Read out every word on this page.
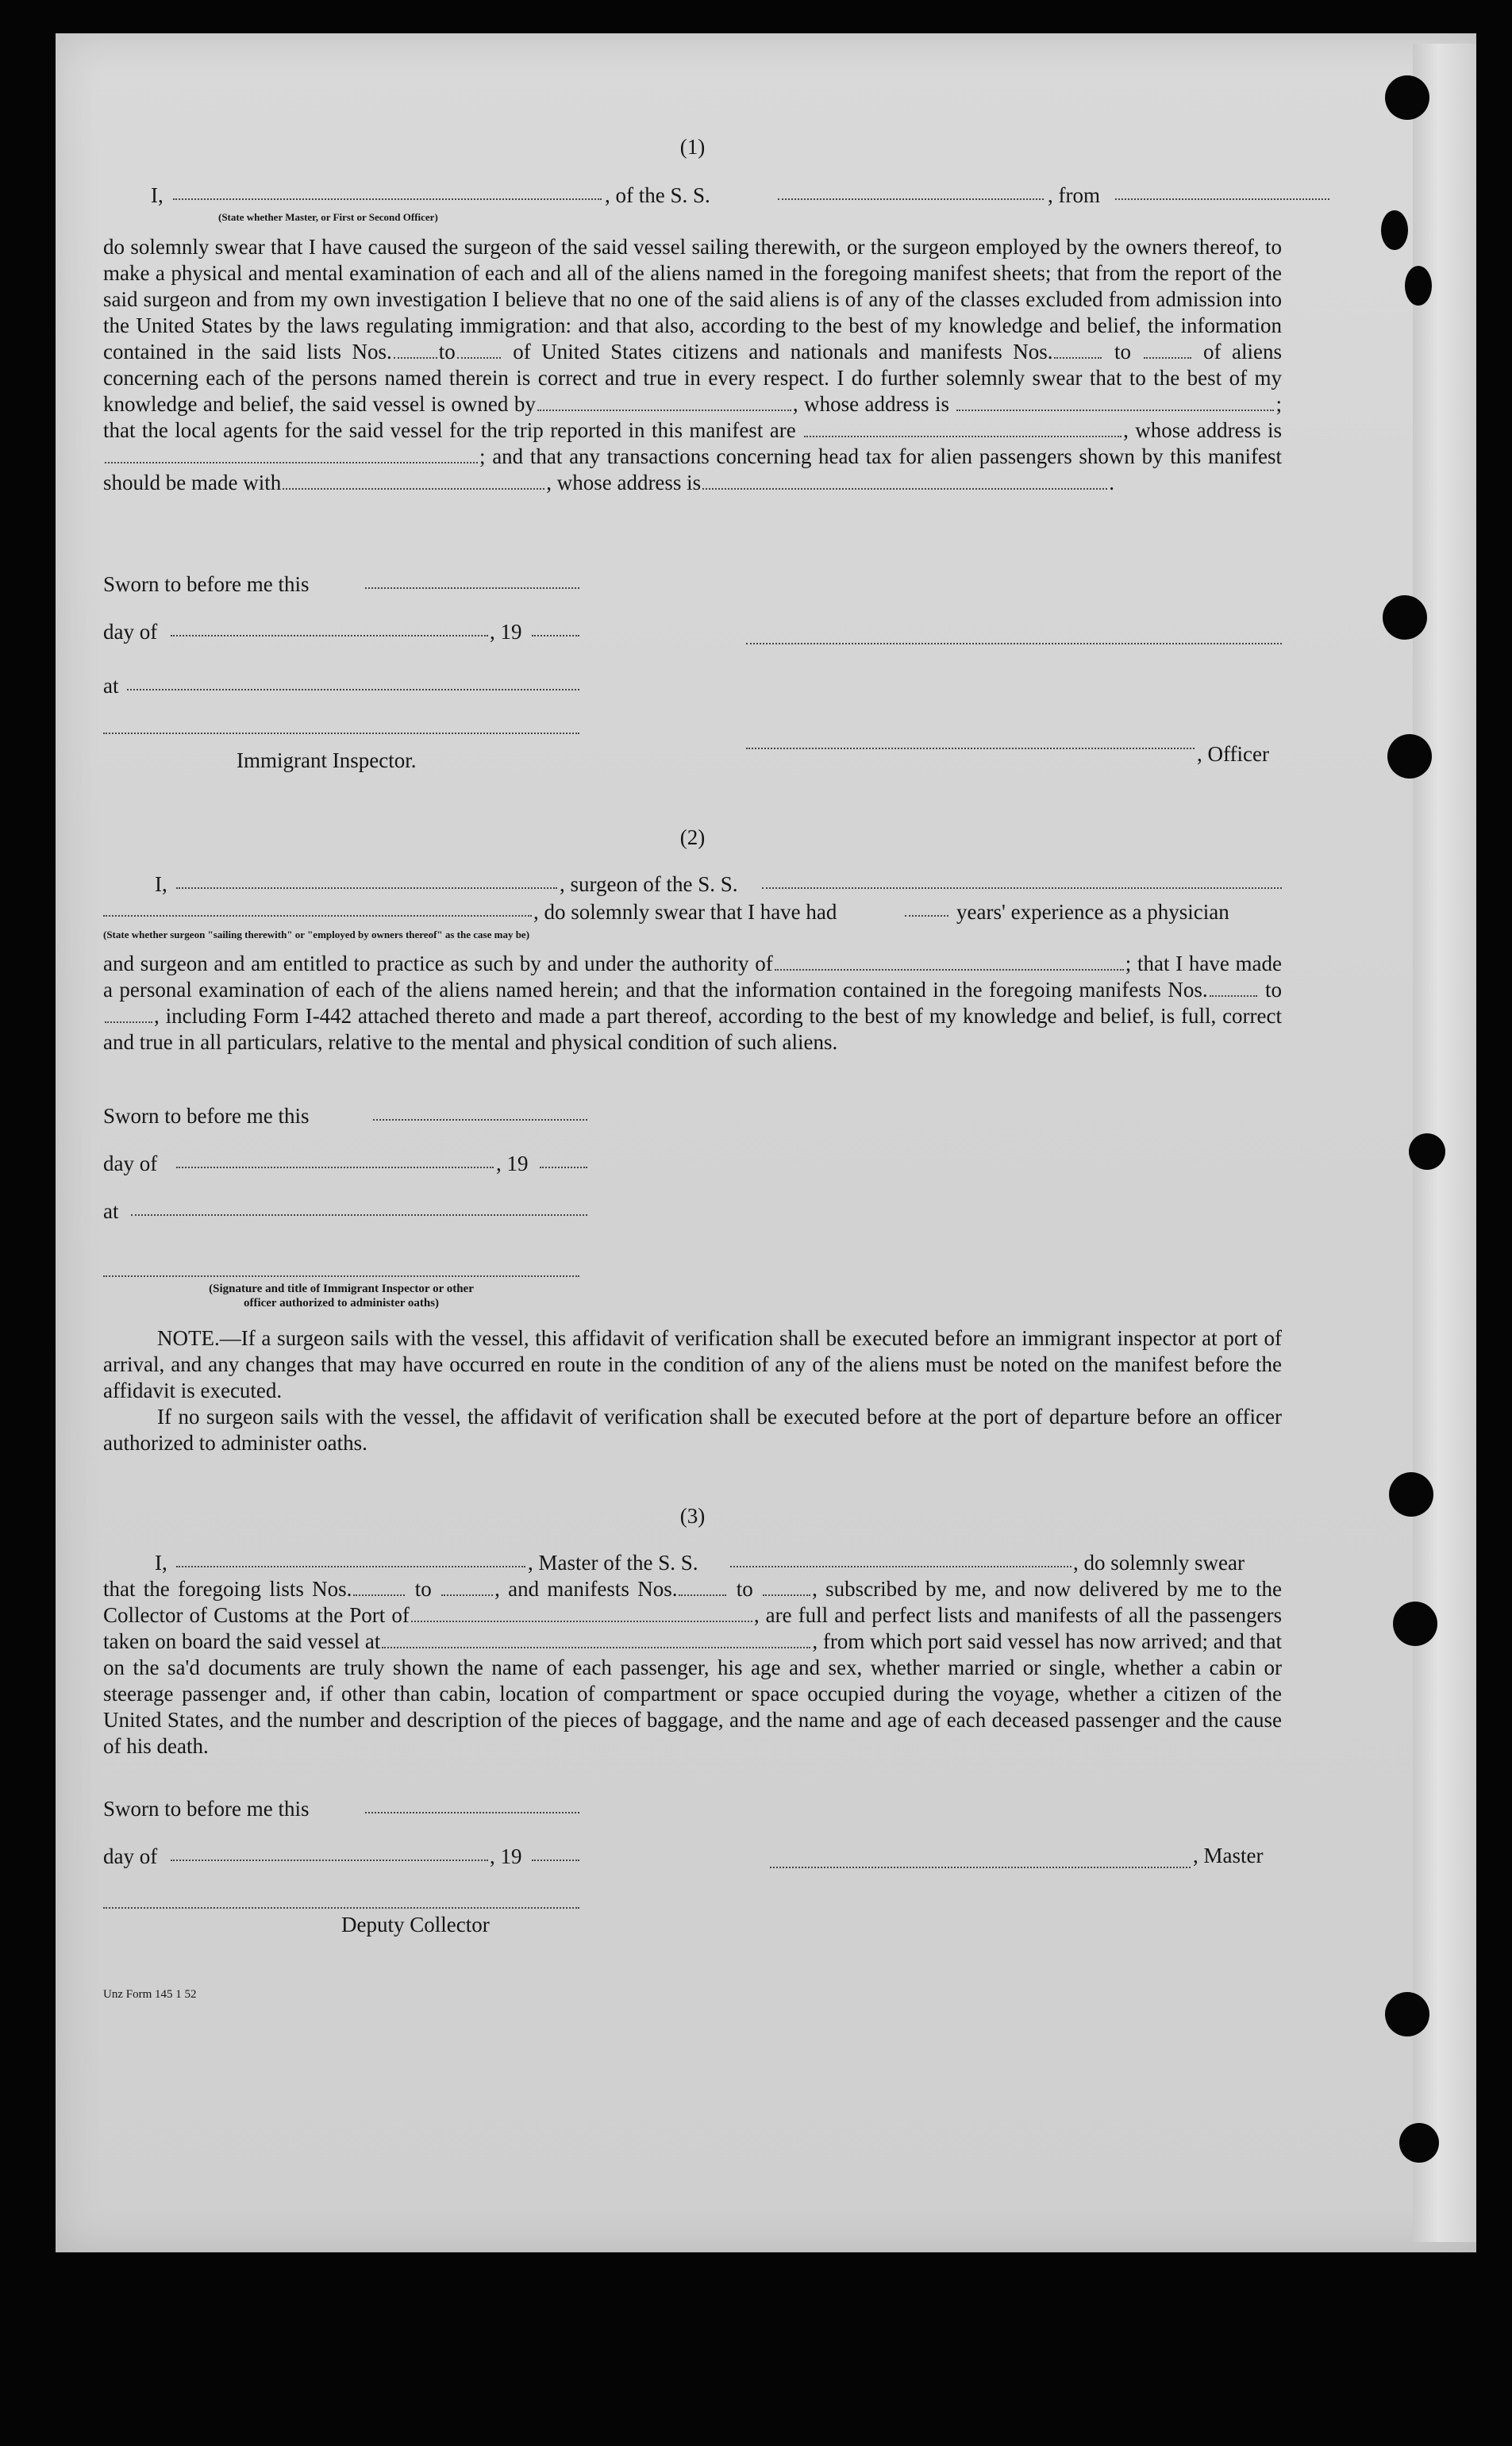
(1)
I,	, of the S. S.	, from
(State whether Master, or First or Second Officer)

do solemnly swear that I have caused the surgeon of the said vessel sailing therewith, or the surgeon employed by the owners thereof, to make a physical and mental examination of each and all of the aliens named in the foregoing manifest sheets; that from the report of the said surgeon and from my own investigation I believe that no one of the said aliens is of any of the classes excluded from admission into the United States by the laws regulating immigration: and that also, according to the best of my knowledge and belief, the information contained in the said lists Nos. to	of United States citizens and nationals and manifests Nos.	to	of aliens concerning each of the persons named therein is correct and true in every respect. I do further solemnly swear that to the best of my knowledge and belief, the said vessel is owned by	, whose address is	; that the local agents for the said vessel for the trip reported in this manifest are	, whose address is; and that any transactions concerning head tax for alien passengers shown by this manifest should be made with	, whose address is	.

Sworn to before me this
day of	, 19
at
Immigrant Inspector.	, Officer
(2)
I,	, surgeon of the S. S.
, do solemnly swear that I have had	years' experience as a physician
(State whether surgeon "sailing therewith" or "employed by owners thereof" as the case may be)

and surgeon and am entitled to practice as such by and under the authority of	; that I have made a personal examination of each of the aliens named herein; and that the information contained in the foregoing manifests Nos.	to , including Form I-442 attached thereto and made a part thereof, according to the best of my knowledge and belief, is full, correct and true in all particulars, relative to the mental and physical condition of such aliens.

Sworn to before me this
day of	, 19
at
(Signature and title of Immigrant Inspector or other
officer authorized to administer oaths)

NOTE.—If a surgeon sails with the vessel, this affidavit of verification shall be executed before an immigrant inspector at port of arrival, and any changes that may have occurred en route in the condition of any of the aliens must be noted on the manifest before the affidavit is executed.

If no surgeon sails with the vessel, the affidavit of verification shall be executed before at the port of departure before an officer authorized to administer oaths.

(3)
I,	, Master of the S. S.	, do solemnly swear

that the foregoing lists Nos.	to	, and manifests Nos.	to	, subscribed by me, and now delivered by me to the Collector of Customs at the Port of	, are full and perfect lists and manifests of all the passengers taken on board the said vessel at	, from which port said vessel has now arrived; and that on the sa'd documents are truly shown the name of each passenger, his age and sex, whether married or single, whether a cabin or steerage passenger and, if other than cabin, location of compartment or space occupied during the voyage, whether a citizen of the United States, and the number and description of the pieces of baggage, and the name and age of each deceased passenger and the cause of his death.

Sworn to before me this
day of	, 19	, Master
Deputy Collector
Unz Form 145 1 52
